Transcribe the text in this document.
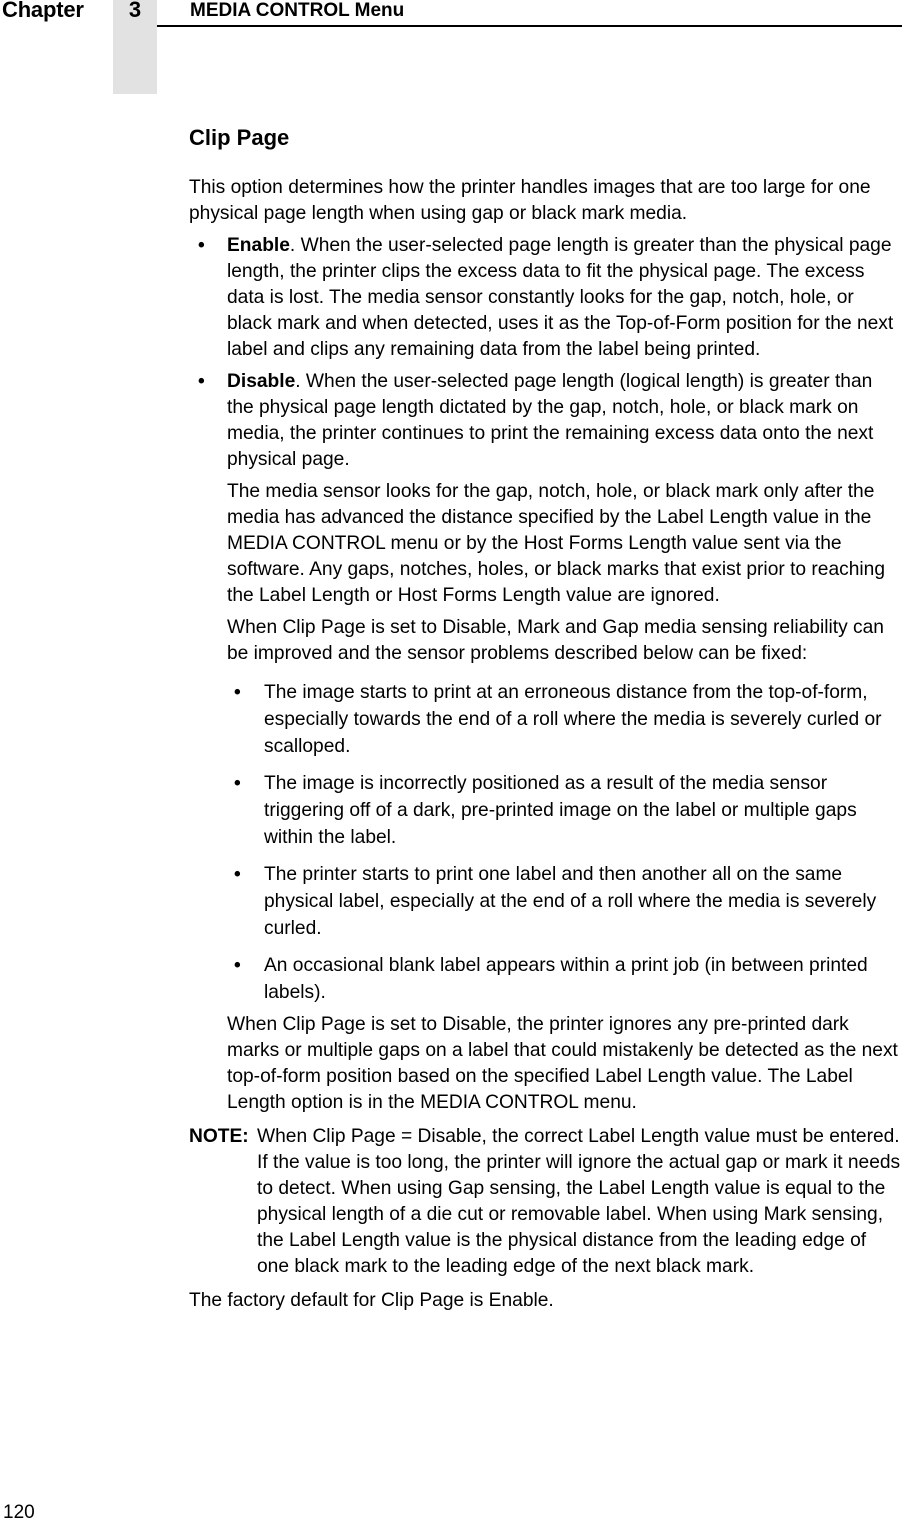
Chapter	3	MEDIA CONTROL Menu
Clip Page

This option determines how the printer handles images that are too large for one physical page length when using gap or black mark media.

• Enable. When the user-selected page length is greater than the physical page length, the printer clips the excess data to fit the physical page. The excess data is lost. The media sensor constantly looks for the gap, notch, hole, or black mark and when detected, uses it as the Top-of-Form position for the next label and clips any remaining data from the label being printed.
• Disable. When the user-selected page length (logical length) is greater than the physical page length dictated by the gap, notch, hole, or black mark on media, the printer continues to print the remaining excess data onto the next physical page.

The media sensor looks for the gap, notch, hole, or black mark only after the media has advanced the distance specified by the Label Length value in the MEDIA CONTROL menu or by the Host Forms Length value sent via the software. Any gaps, notches, holes, or black marks that exist prior to reaching the Label Length or Host Forms Length value are ignored.

When Clip Page is set to Disable, Mark and Gap media sensing reliability can be improved and the sensor problems described below can be fixed:

• The image starts to print at an erroneous distance from the top-of-form, especially towards the end of a roll where the media is severely curled or scalloped.
• The image is incorrectly positioned as a result of the media sensor triggering off of a dark, pre-printed image on the label or multiple gaps within the label.
• The printer starts to print one label and then another all on the same physical label, especially at the end of a roll where the media is severely curled.
• An occasional blank label appears within a print job (in between printed labels).

When Clip Page is set to Disable, the printer ignores any pre-printed dark marks or multiple gaps on a label that could mistakenly be detected as the next top-of-form position based on the specified Label Length value. The Label Length option is in the MEDIA CONTROL menu.

NOTE: When Clip Page = Disable, the correct Label Length value must be entered. If the value is too long, the printer will ignore the actual gap or mark it needs to detect. When using Gap sensing, the Label Length value is equal to the physical length of a die cut or removable label. When using Mark sensing, the Label Length value is the physical distance from the leading edge of one black mark to the leading edge of the next black mark.

The factory default for Clip Page is Enable.

120
